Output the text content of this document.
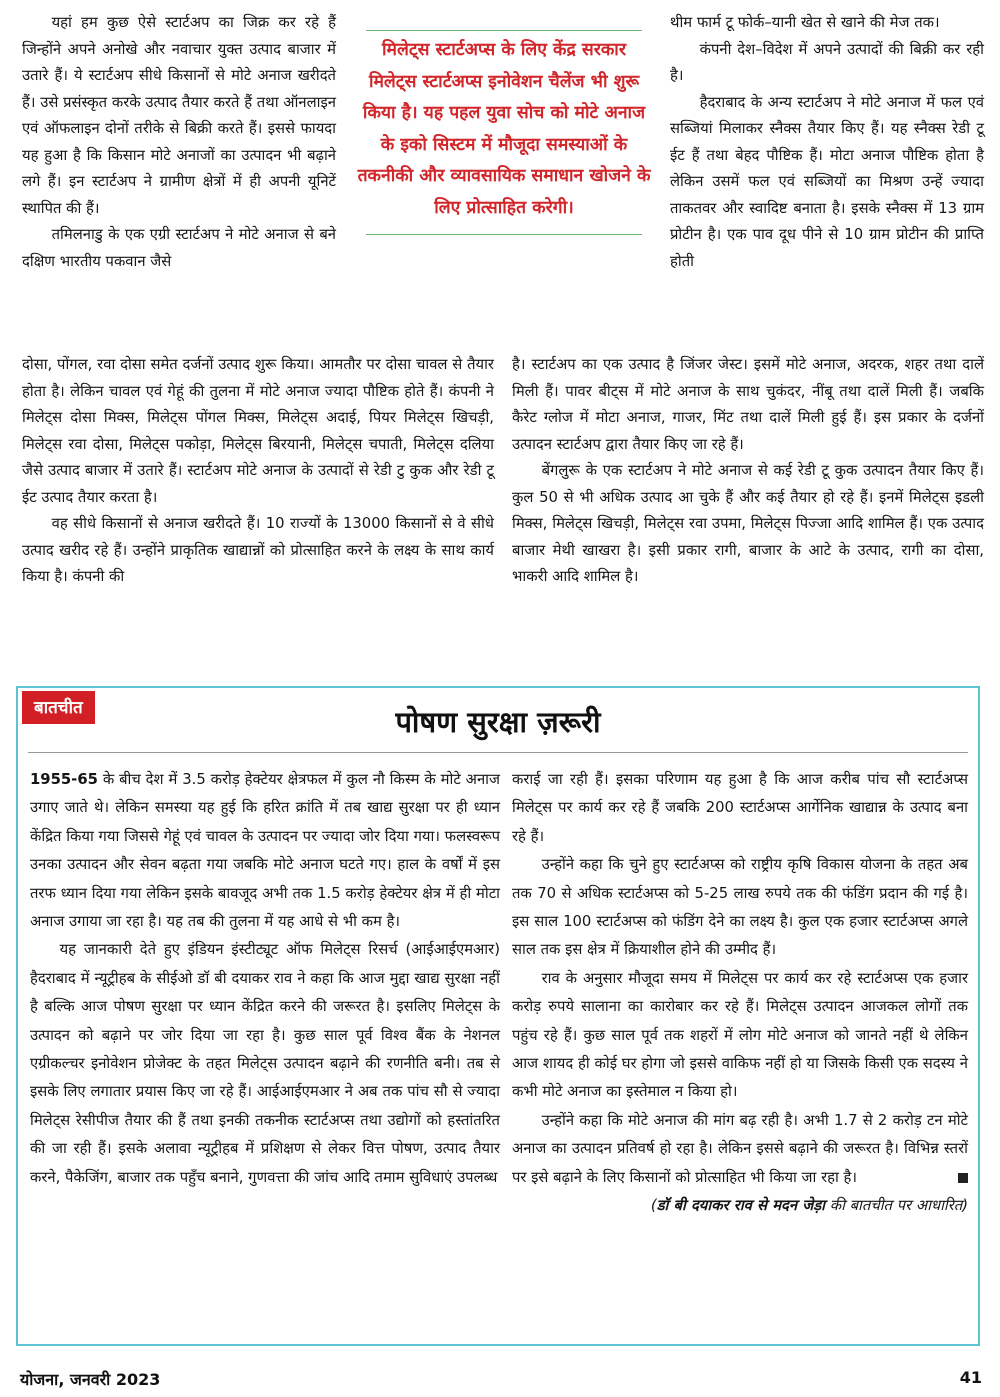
यहां हम कुछ ऐसे स्टार्टअप का जिक्र कर रहे हैं जिन्होंने अपने अनोखे और नवाचार युक्त उत्पाद बाजार में उतारे हैं। ये स्टार्टअप सीधे किसानों से मोटे अनाज खरीदते हैं। उसे प्रसंस्कृत करके उत्पाद तैयार करते हैं तथा ऑनलाइन एवं ऑफलाइन दोनों तरीके से बिक्री करते हैं। इससे फायदा यह हुआ है कि किसान मोटे अनाजों का उत्पादन भी बढ़ाने लगे हैं। इन स्टार्टअप ने ग्रामीण क्षेत्रों में ही अपनी यूनिटें स्थापित की हैं।

तमिलनाडु के एक एग्री स्टार्टअप ने मोटे अनाज से बने दक्षिण भारतीय पकवान जैसे

मिलेट्स स्टार्टअप्स के लिए केंद्र सरकार मिलेट्स स्टार्टअप्स इनोवेशन चैलेंज भी शुरू किया है। यह पहल युवा सोच को मोटे अनाज के इको सिस्टम में मौजूदा समस्याओं के तकनीकी और व्यावसायिक समाधान खोजने के लिए प्रोत्साहित करेगी।

थीम फार्म टू फोर्क–यानी खेत से खाने की मेज तक।

कंपनी देश–विदेश में अपने उत्पादों की बिक्री कर रही है।

हैदराबाद के अन्य स्टार्टअप ने मोटे अनाज में फल एवं सब्जियां मिलाकर स्नैक्स तैयार किए हैं। यह स्नैक्स रेडी टू ईट हैं तथा बेहद पौष्टिक हैं। मोटा अनाज पौष्टिक होता है लेकिन उसमें फल एवं सब्जियों का मिश्रण उन्हें ज्यादा ताकतवर और स्वादिष्ट बनाता है। इसके स्नैक्स में 13 ग्राम प्रोटीन है। एक पाव दूध पीने से 10 ग्राम प्रोटीन की प्राप्ति होती

दोसा, पोंगल, रवा दोसा समेत दर्जनों उत्पाद शुरू किया। आमतौर पर दोसा चावल से तैयार होता है। लेकिन चावल एवं गेहूं की तुलना में मोटे अनाज ज्यादा पौष्टिक होते हैं। कंपनी ने मिलेट्स दोसा मिक्स, मिलेट्स पोंगल मिक्स, मिलेट्स अदाई, पियर मिलेट्स खिचड़ी, मिलेट्स रवा दोसा, मिलेट्स पकोड़ा, मिलेट्स बिरयानी, मिलेट्स चपाती, मिलेट्स दलिया जैसे उत्पाद बाजार में उतारे हैं। स्टार्टअप मोटे अनाज के उत्पादों से रेडी टु कुक और रेडी टू ईट उत्पाद तैयार करता है।

वह सीधे किसानों से अनाज खरीदते हैं। 10 राज्यों के 13000 किसानों से वे सीधे उत्पाद खरीद रहे हैं। उन्होंने प्राकृतिक खाद्यान्नों को प्रोत्साहित करने के लक्ष्य के साथ कार्य किया है। कंपनी की

है। स्टार्टअप का एक उत्पाद है जिंजर जेस्ट। इसमें मोटे अनाज, अदरक, शहर तथा दालें मिली हैं। पावर बीट्स में मोटे अनाज के साथ चुकंदर, नींबू तथा दालें मिली हैं। जबकि कैरेट ग्लोज में मोटा अनाज, गाजर, मिंट तथा दालें मिली हुई हैं। इस प्रकार के दर्जनों उत्पादन स्टार्टअप द्वारा तैयार किए जा रहे हैं।

बेंगलुरू के एक स्टार्टअप ने मोटे अनाज से कई रेडी टू कुक उत्पादन तैयार किए हैं। कुल 50 से भी अधिक उत्पाद आ चुके हैं और कई तैयार हो रहे हैं। इनमें मिलेट्स इडली मिक्स, मिलेट्स खिचड़ी, मिलेट्स रवा उपमा, मिलेट्स पिज्जा आदि शामिल हैं। एक उत्पाद बाजार मेथी खाखरा है। इसी प्रकार रागी, बाजार के आटे के उत्पाद, रागी का दोसा, भाकरी आदि शामिल है।

बातचीत	पोषण सुरक्षा ज़रूरी

1955-65 के बीच देश में 3.5 करोड़ हेक्टेयर क्षेत्रफल में कुल नौ किस्म के मोटे अनाज उगाए जाते थे। लेकिन समस्या यह हुई कि हरित क्रांति में तब खाद्य सुरक्षा पर ही ध्यान केंद्रित किया गया जिससे गेहूं एवं चावल के उत्पादन पर ज्यादा जोर दिया गया। फलस्वरूप उनका उत्पादन और सेवन बढ़ता गया जबकि मोटे अनाज घटते गए। हाल के वर्षों में इस तरफ ध्यान दिया गया लेकिन इसके बावजूद अभी तक 1.5 करोड़ हेक्टेयर क्षेत्र में ही मोटा अनाज उगाया जा रहा है। यह तब की तुलना में यह आधे से भी कम है।

यह जानकारी देते हुए इंडियन इंस्टीट्यूट ऑफ मिलेट्स रिसर्च (आईआईएमआर) हैदराबाद में न्यूट्रीहब के सीईओ डॉ बी दयाकर राव ने कहा कि आज मुद्दा खाद्य सुरक्षा नहीं है बल्कि आज पोषण सुरक्षा पर ध्यान केंद्रित करने की जरूरत है। इसलिए मिलेट्स के उत्पादन को बढ़ाने पर जोर दिया जा रहा है। कुछ साल पूर्व विश्व बैंक के नेशनल एग्रीकल्चर इनोवेशन प्रोजेक्ट के तहत मिलेट्स उत्पादन बढ़ाने की रणनीति बनी। तब से इसके लिए लगातार प्रयास किए जा रहे हैं। आईआईएमआर ने अब तक पांच सौ से ज्यादा मिलेट्स रेसीपीज तैयार की हैं तथा इनकी तकनीक स्टार्टअप्स तथा उद्योगों को हस्तांतरित की जा रही हैं। इसके अलावा न्यूट्रीहब में प्रशिक्षण से लेकर वित्त पोषण, उत्पाद तैयार करने, पैकेजिंग, बाजार तक पहुँच बनाने, गुणवत्ता की जांच आदि तमाम सुविधाएं उपलब्ध

कराई जा रही हैं। इसका परिणाम यह हुआ है कि आज करीब पांच सौ स्टार्टअप्स मिलेट्स पर कार्य कर रहे हैं जबकि 200 स्टार्टअप्स आर्गेनिक खाद्यान्न के उत्पाद बना रहे हैं।

उन्होंने कहा कि चुने हुए स्टार्टअप्स को राष्ट्रीय कृषि विकास योजना के तहत अब तक 70 से अधिक स्टार्टअप्स को 5-25 लाख रुपये तक की फंडिंग प्रदान की गई है। इस साल 100 स्टार्टअप्स को फंडिंग देने का लक्ष्य है। कुल एक हजार स्टार्टअप्स अगले साल तक इस क्षेत्र में क्रियाशील होने की उम्मीद हैं।

राव के अनुसार मौजूदा समय में मिलेट्स पर कार्य कर रहे स्टार्टअप्स एक हजार करोड़ रुपये सालाना का कारोबार कर रहे हैं। मिलेट्स उत्पादन आजकल लोगों तक पहुंच रहे हैं। कुछ साल पूर्व तक शहरों में लोग मोटे अनाज को जानते नहीं थे लेकिन आज शायद ही कोई घर होगा जो इससे वाकिफ नहीं हो या जिसके किसी एक सदस्य ने कभी मोटे अनाज का इस्तेमाल न किया हो।

उन्होंने कहा कि मोटे अनाज की मांग बढ़ रही है। अभी 1.7 से 2 करोड़ टन मोटे अनाज का उत्पादन प्रतिवर्ष हो रहा है। लेकिन इससे बढ़ाने की जरूरत है। विभिन्न स्तरों पर इसे बढ़ाने के लिए किसानों को प्रोत्साहित भी किया जा रहा है।

(डॉ बी दयाकर राव से मदन जेड़ा की बातचीत पर आधारित)

योजना, जनवरी 2023	41
